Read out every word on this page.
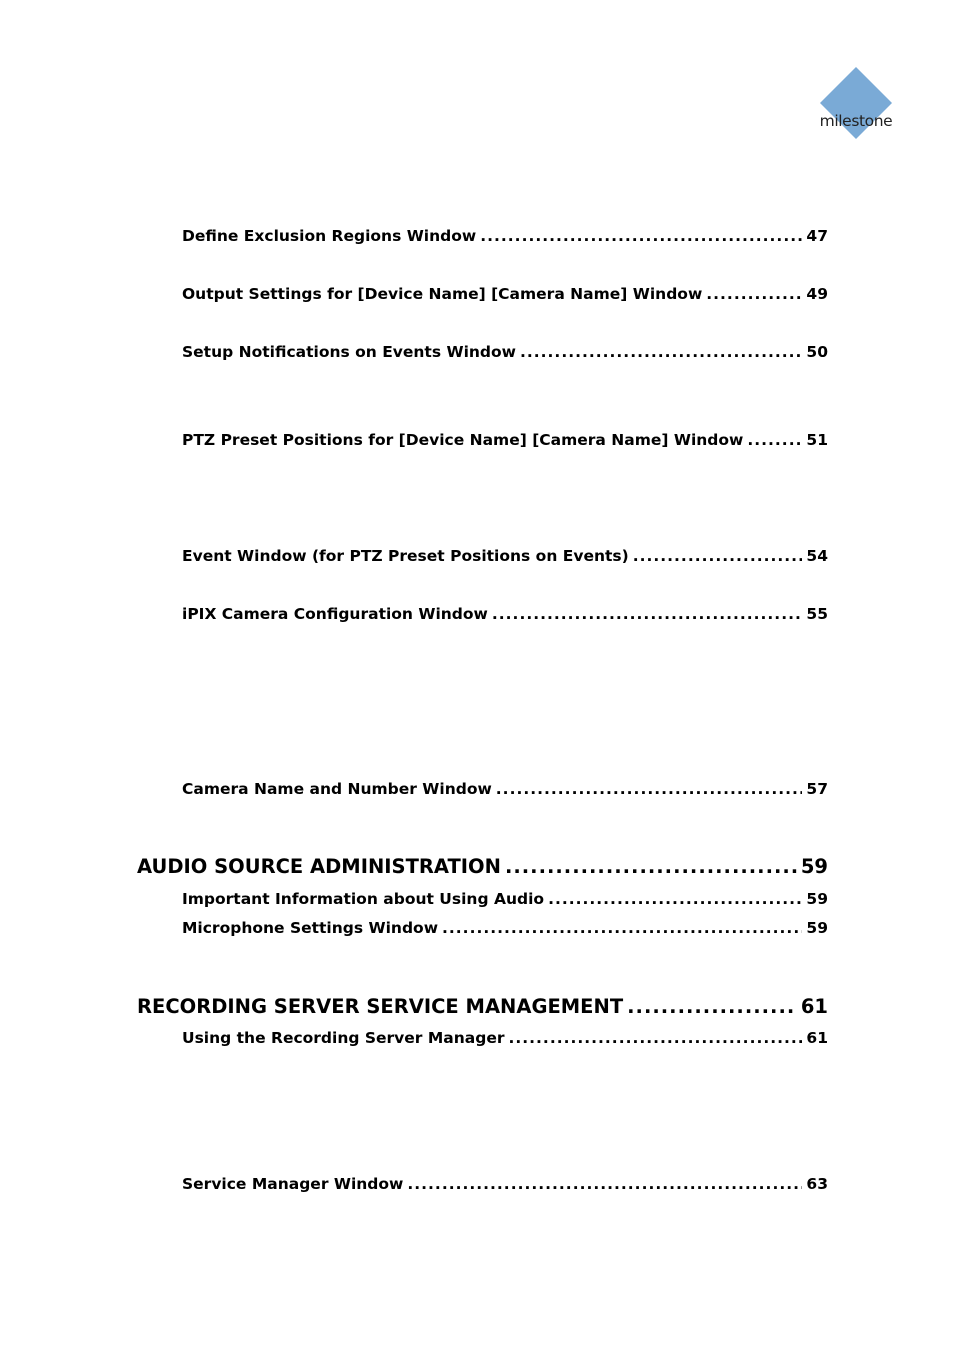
milestone
Define Exclusion Regions Window .....	47
Output Settings for [Device Name] [Camera Name] Window .....	49
Setup Notifications on Events Window .....	50
PTZ Preset Positions for [Device Name] [Camera Name] Window .....	51
Event Window (for PTZ Preset Positions on Events) .....	54
iPIX Camera Configuration Window .....	55
Camera Name and Number Window .....	57
AUDIO SOURCE ADMINISTRATION .....	59
Important Information about Using Audio .....	59
Microphone Settings Window .....	59
RECORDING SERVER SERVICE MANAGEMENT .....	61
Using the Recording Server Manager .....	61
Service Manager Window .....	63
